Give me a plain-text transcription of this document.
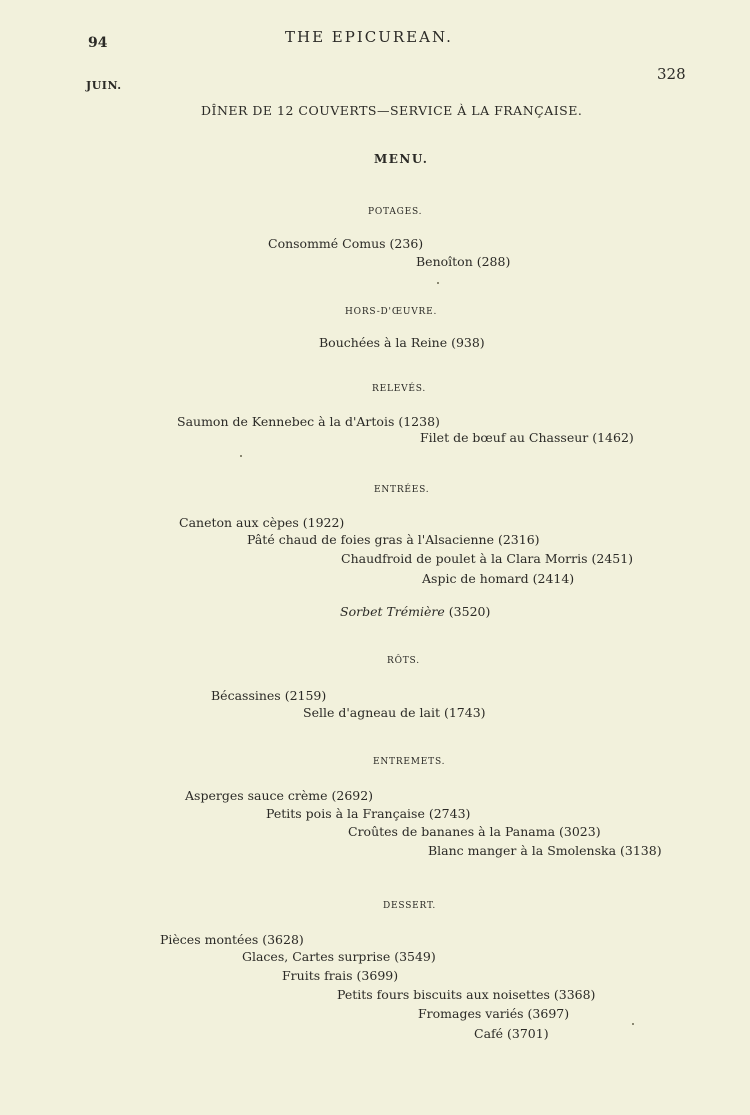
94	THE EPICUREAN.
JUIN.
328
DÎNER DE 12 COUVERTS—SERVICE À LA FRANÇAISE.
MENU.
POTAGES.
Consommé Comus (236)
Benoîton (288)
HORS-D'ŒUVRE.
Bouchées à la Reine (938)
RELEVÉS.
Saumon de Kennebec à la d'Artois (1238)
Filet de bœuf au Chasseur (1462)
ENTRÉES.
Caneton aux cèpes (1922)
Pâté chaud de foies gras à l'Alsacienne (2316)
Chaudfroid de poulet à la Clara Morris (2451)
Aspic de homard (2414)
Sorbet Trémière (3520)
RÔTS.
Bécassines (2159)
Selle d'agneau de lait (1743)
ENTREMETS.
Asperges sauce crème (2692)
Petits pois à la Française (2743)
Croûtes de bananes à la Panama (3023)
Blanc manger à la Smolenska (3138)
DESSERT.
Pièces montées (3628)
Glaces, Cartes surprise (3549)
Fruits frais (3699)
Petits fours biscuits aux noisettes (3368)
Fromages variés (3697)
Café (3701)
